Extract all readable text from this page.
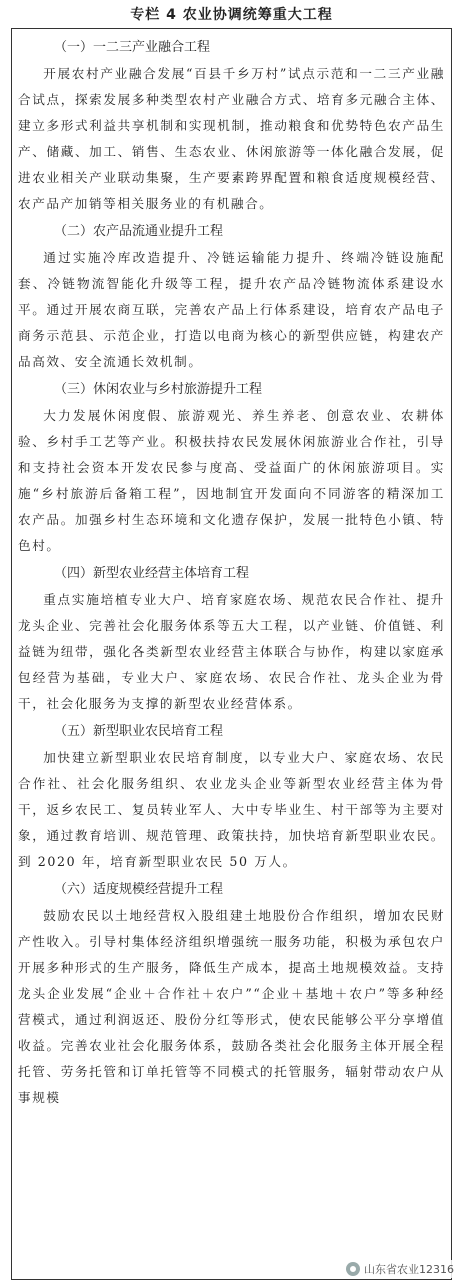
专栏 4 农业协调统筹重大工程

（一）一二三产业融合工程

开展农村产业融合发展“百县千乡万村”试点示范和一二三产业融合试点，探索发展多种类型农村产业融合方式、培育多元融合主体、建立多形式利益共享机制和实现机制，推动粮食和优势特色农产品生产、储藏、加工、销售、生态农业、休闲旅游等一体化融合发展，促进农业相关产业联动集聚，生产要素跨界配置和粮食适度规模经营、农产品产加销等相关服务业的有机融合。

（二）农产品流通业提升工程

通过实施冷库改造提升、冷链运输能力提升、终端冷链设施配套、冷链物流智能化升级等工程，提升农产品冷链物流体系建设水平。通过开展农商互联，完善农产品上行体系建设，培育农产品电子商务示范县、示范企业，打造以电商为核心的新型供应链，构建农产品高效、安全流通长效机制。

（三）休闲农业与乡村旅游提升工程

大力发展休闲度假、旅游观光、养生养老、创意农业、农耕体验、乡村手工艺等产业。积极扶持农民发展休闲旅游业合作社，引导和支持社会资本开发农民参与度高、受益面广的休闲旅游项目。实施“乡村旅游后备箱工程”，因地制宜开发面向不同游客的精深加工农产品。加强乡村生态环境和文化遗存保护，发展一批特色小镇、特色村。

（四）新型农业经营主体培育工程

重点实施培植专业大户、培育家庭农场、规范农民合作社、提升龙头企业、完善社会化服务体系等五大工程，以产业链、价值链、利益链为纽带，强化各类新型农业经营主体联合与协作，构建以家庭承包经营为基础，专业大户、家庭农场、农民合作社、龙头企业为骨干，社会化服务为支撑的新型农业经营体系。

（五）新型职业农民培育工程

加快建立新型职业农民培育制度，以专业大户、家庭农场、农民合作社、社会化服务组织、农业龙头企业等新型农业经营主体为骨干，返乡农民工、复员转业军人、大中专毕业生、村干部等为主要对象，通过教育培训、规范管理、政策扶持，加快培育新型职业农民。到 2020 年，培育新型职业农民 50 万人。

（六）适度规模经营提升工程

鼓励农民以土地经营权入股组建土地股份合作组织，增加农民财产性收入。引导村集体经济组织增强统一服务功能，积极为承包农户开展多种形式的生产服务，降低生产成本，提高土地规模效益。支持龙头企业发展“企业＋合作社＋农户”“企业＋基地＋农户”等多种经营模式，通过利润返还、股份分红等形式，使农民能够公平分享增值收益。完善农业社会化服务体系，鼓励各类社会化服务主体开展全程托管、劳务托管和订单托管等不同模式的托管服务，辐射带动农户从事规模

山东省农业12316
